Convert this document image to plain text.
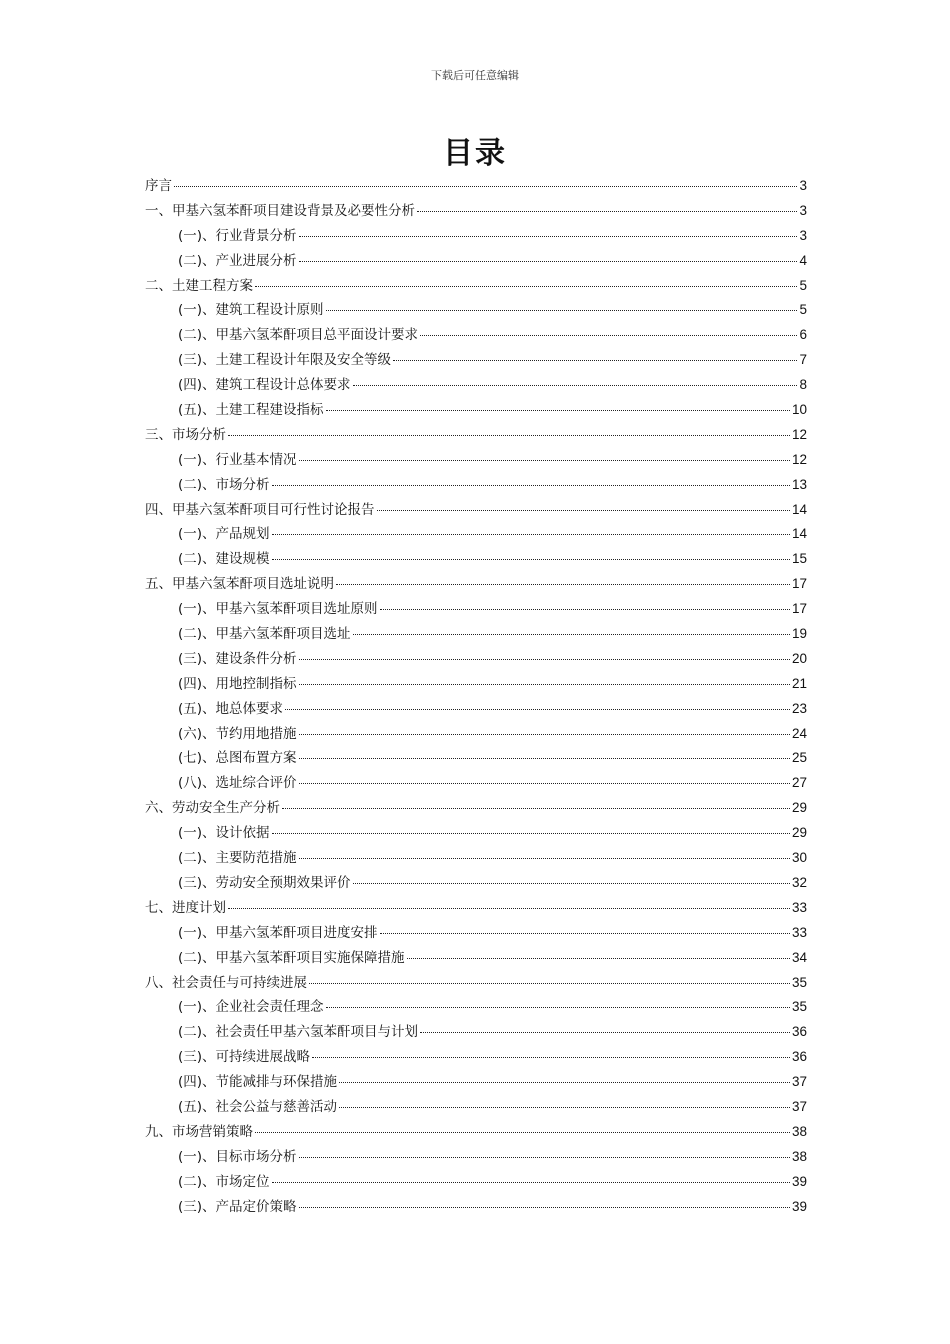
下载后可任意编辑
目录
序言	3
一、甲基六氢苯酐项目建设背景及必要性分析	3
(一)、行业背景分析	3
(二)、产业进展分析	4
二、土建工程方案	5
(一)、建筑工程设计原则	5
(二)、甲基六氢苯酐项目总平面设计要求	6
(三)、土建工程设计年限及安全等级	7
(四)、建筑工程设计总体要求	8
(五)、土建工程建设指标	10
三、市场分析	12
(一)、行业基本情况	12
(二)、市场分析	13
四、甲基六氢苯酐项目可行性讨论报告	14
(一)、产品规划	14
(二)、建设规模	15
五、甲基六氢苯酐项目选址说明	17
(一)、甲基六氢苯酐项目选址原则	17
(二)、甲基六氢苯酐项目选址	19
(三)、建设条件分析	20
(四)、用地控制指标	21
(五)、地总体要求	23
(六)、节约用地措施	24
(七)、总图布置方案	25
(八)、选址综合评价	27
六、劳动安全生产分析	29
(一)、设计依据	29
(二)、主要防范措施	30
(三)、劳动安全预期效果评价	32
七、进度计划	33
(一)、甲基六氢苯酐项目进度安排	33
(二)、甲基六氢苯酐项目实施保障措施	34
八、社会责任与可持续进展	35
(一)、企业社会责任理念	35
(二)、社会责任甲基六氢苯酐项目与计划	36
(三)、可持续进展战略	36
(四)、节能减排与环保措施	37
(五)、社会公益与慈善活动	37
九、市场营销策略	38
(一)、目标市场分析	38
(二)、市场定位	39
(三)、产品定价策略	39
